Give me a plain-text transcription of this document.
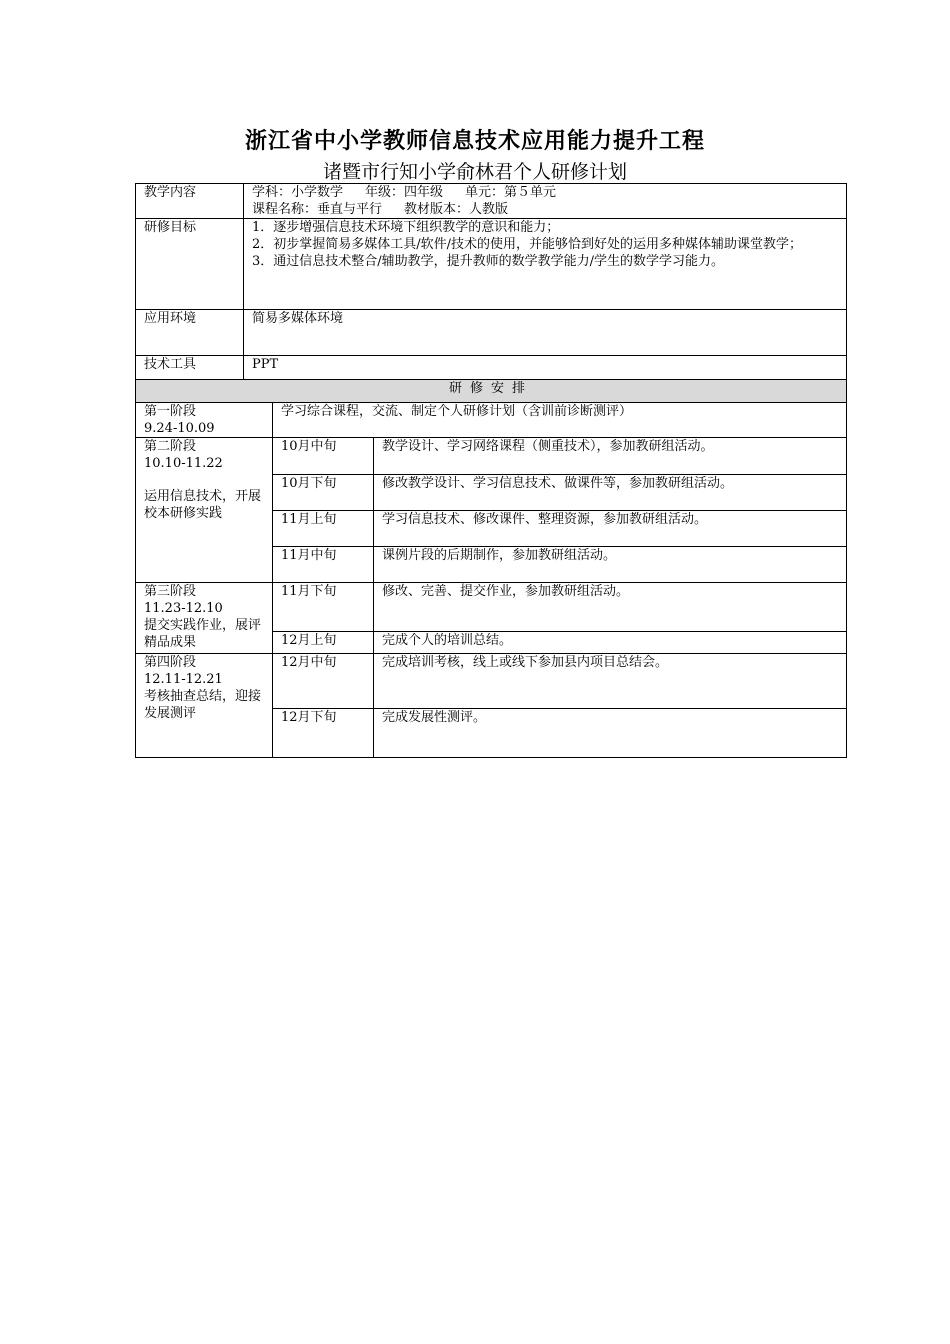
浙江省中小学教师信息技术应用能力提升工程
诸暨市行知小学俞林君个人研修计划
教学内容	学科：小学数学 年级：四年级 单元：第５单元
课程名称：垂直与平行 教材版本：人教版		

研修目标	1．逐步增强信息技术环境下组织教学的意识和能力；
2．初步掌握简易多媒体工具/软件/技术的使用，并能够恰到好处的运用多种媒体辅助课堂教学；
3．通过信息技术整合/辅助教学，提升教师的数学教学能力/学生的数学学习能力。		

应用环境	简易多媒体环境		
技术工具	PPT		
研修安排			

第一阶段
9.24-10.09		学习综合课程，交流、制定个人研修计划（含训前诊断测评）	

第二阶段
10.10-11.22
运用信息技术，开展校本研修实践		10月中旬	教学设计、学习网络课程（侧重技术），参加教研组活动。
		10月下旬	修改教学设计、学习信息技术、做课件等，参加教研组活动。
		11月上旬	学习信息技术、修改课件、整理资源，参加教研组活动。
		11月中旬	课例片段的后期制作，参加教研组活动。

第三阶段
11.23-12.10
提交实践作业，展评精品成果		11月下旬	修改、完善、提交作业，参加教研组活动。
		12月上旬	完成个人的培训总结。

第四阶段
12.11-12.21
考核抽查总结，迎接发展测评		12月中旬	完成培训考核，线上或线下参加县内项目总结会。
		12月下旬	完成发展性测评。
